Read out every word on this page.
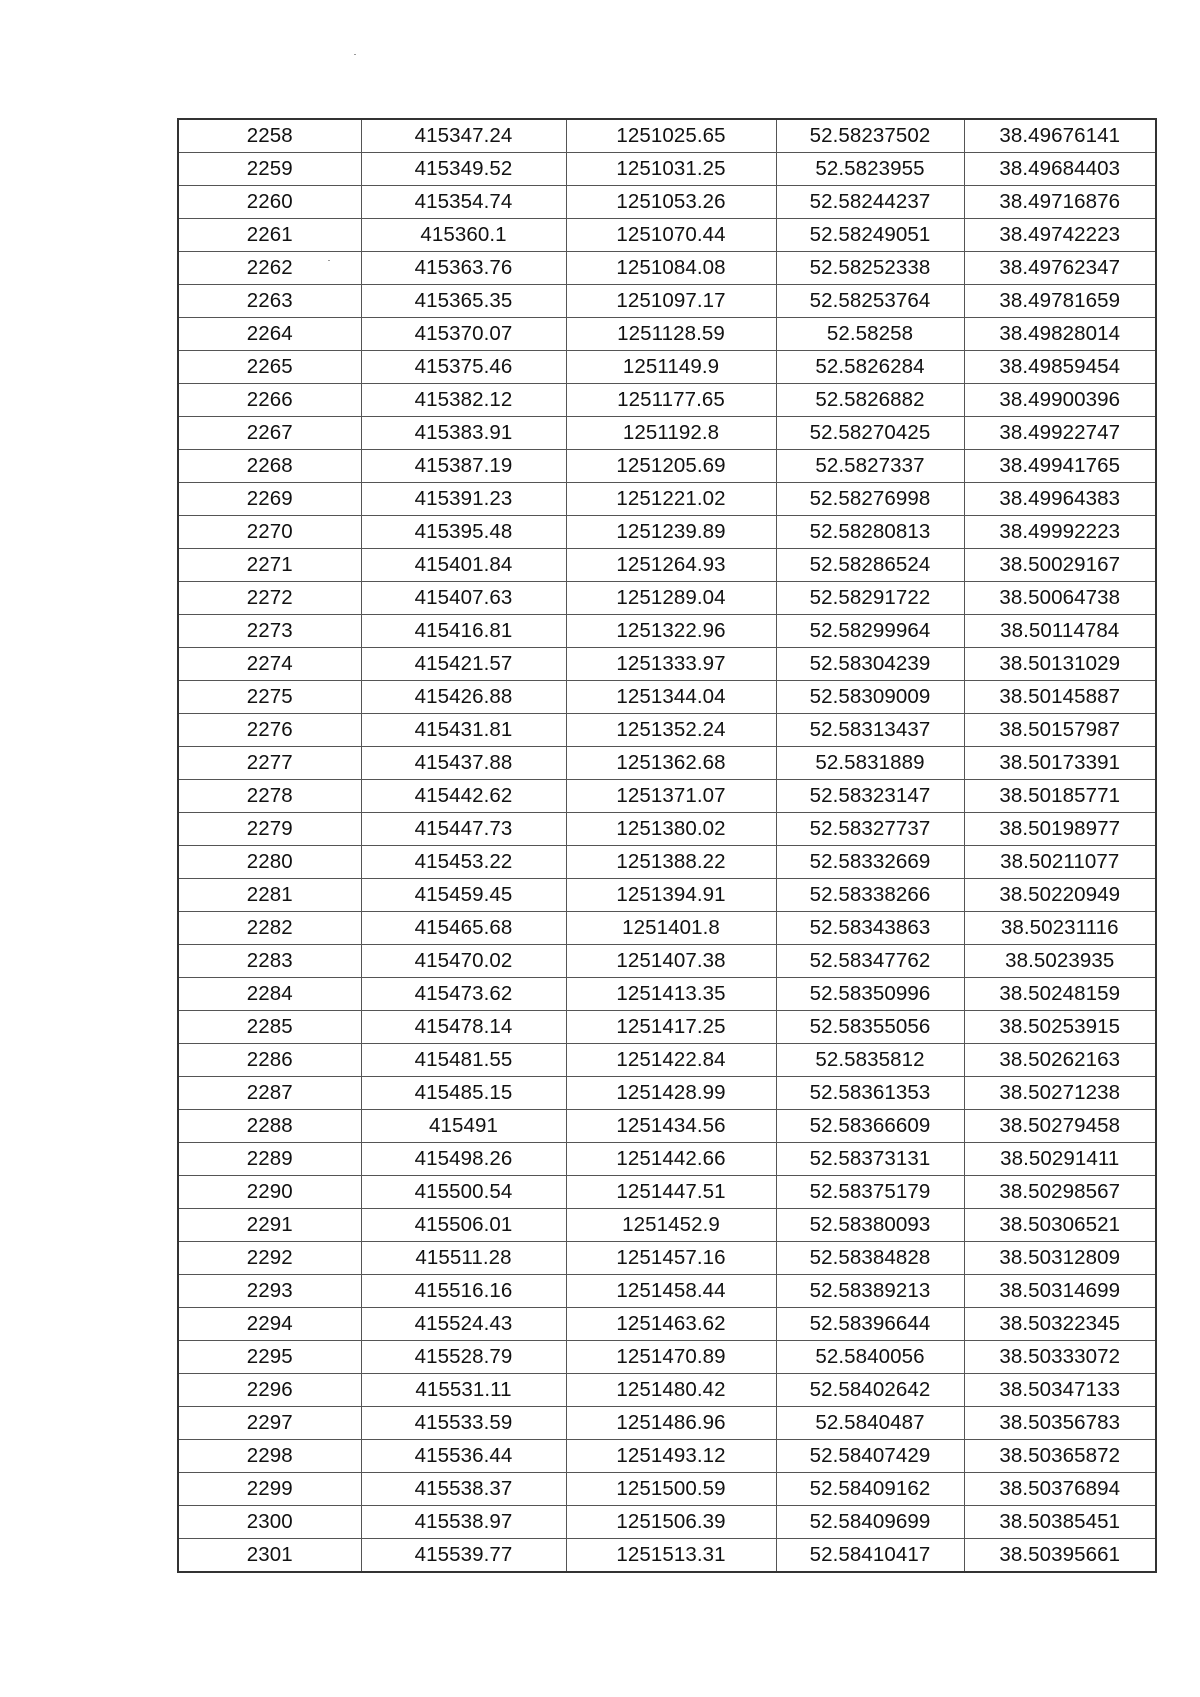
2258	415347.24	1251025.65	52.58237502	38.49676141
2259	415349.52	1251031.25	52.5823955	38.49684403
2260	415354.74	1251053.26	52.58244237	38.49716876
2261	415360.1	1251070.44	52.58249051	38.49742223
2262	415363.76	1251084.08	52.58252338	38.49762347
2263	415365.35	1251097.17	52.58253764	38.49781659
2264	415370.07	1251128.59	52.58258	38.49828014
2265	415375.46	1251149.9	52.5826284	38.49859454
2266	415382.12	1251177.65	52.5826882	38.49900396
2267	415383.91	1251192.8	52.58270425	38.49922747
2268	415387.19	1251205.69	52.5827337	38.49941765
2269	415391.23	1251221.02	52.58276998	38.49964383
2270	415395.48	1251239.89	52.58280813	38.49992223
2271	415401.84	1251264.93	52.58286524	38.50029167
2272	415407.63	1251289.04	52.58291722	38.50064738
2273	415416.81	1251322.96	52.58299964	38.50114784
2274	415421.57	1251333.97	52.58304239	38.50131029
2275	415426.88	1251344.04	52.58309009	38.50145887
2276	415431.81	1251352.24	52.58313437	38.50157987
2277	415437.88	1251362.68	52.5831889	38.50173391
2278	415442.62	1251371.07	52.58323147	38.50185771
2279	415447.73	1251380.02	52.58327737	38.50198977
2280	415453.22	1251388.22	52.58332669	38.50211077
2281	415459.45	1251394.91	52.58338266	38.50220949
2282	415465.68	1251401.8	52.58343863	38.50231116
2283	415470.02	1251407.38	52.58347762	38.5023935
2284	415473.62	1251413.35	52.58350996	38.50248159
2285	415478.14	1251417.25	52.58355056	38.50253915
2286	415481.55	1251422.84	52.5835812	38.50262163
2287	415485.15	1251428.99	52.58361353	38.50271238
2288	415491	1251434.56	52.58366609	38.50279458
2289	415498.26	1251442.66	52.58373131	38.50291411
2290	415500.54	1251447.51	52.58375179	38.50298567
2291	415506.01	1251452.9	52.58380093	38.50306521
2292	415511.28	1251457.16	52.58384828	38.50312809
2293	415516.16	1251458.44	52.58389213	38.50314699
2294	415524.43	1251463.62	52.58396644	38.50322345
2295	415528.79	1251470.89	52.5840056	38.50333072
2296	415531.11	1251480.42	52.58402642	38.50347133
2297	415533.59	1251486.96	52.5840487	38.50356783
2298	415536.44	1251493.12	52.58407429	38.50365872
2299	415538.37	1251500.59	52.58409162	38.50376894
2300	415538.97	1251506.39	52.58409699	38.50385451
2301	415539.77	1251513.31	52.58410417	38.50395661
